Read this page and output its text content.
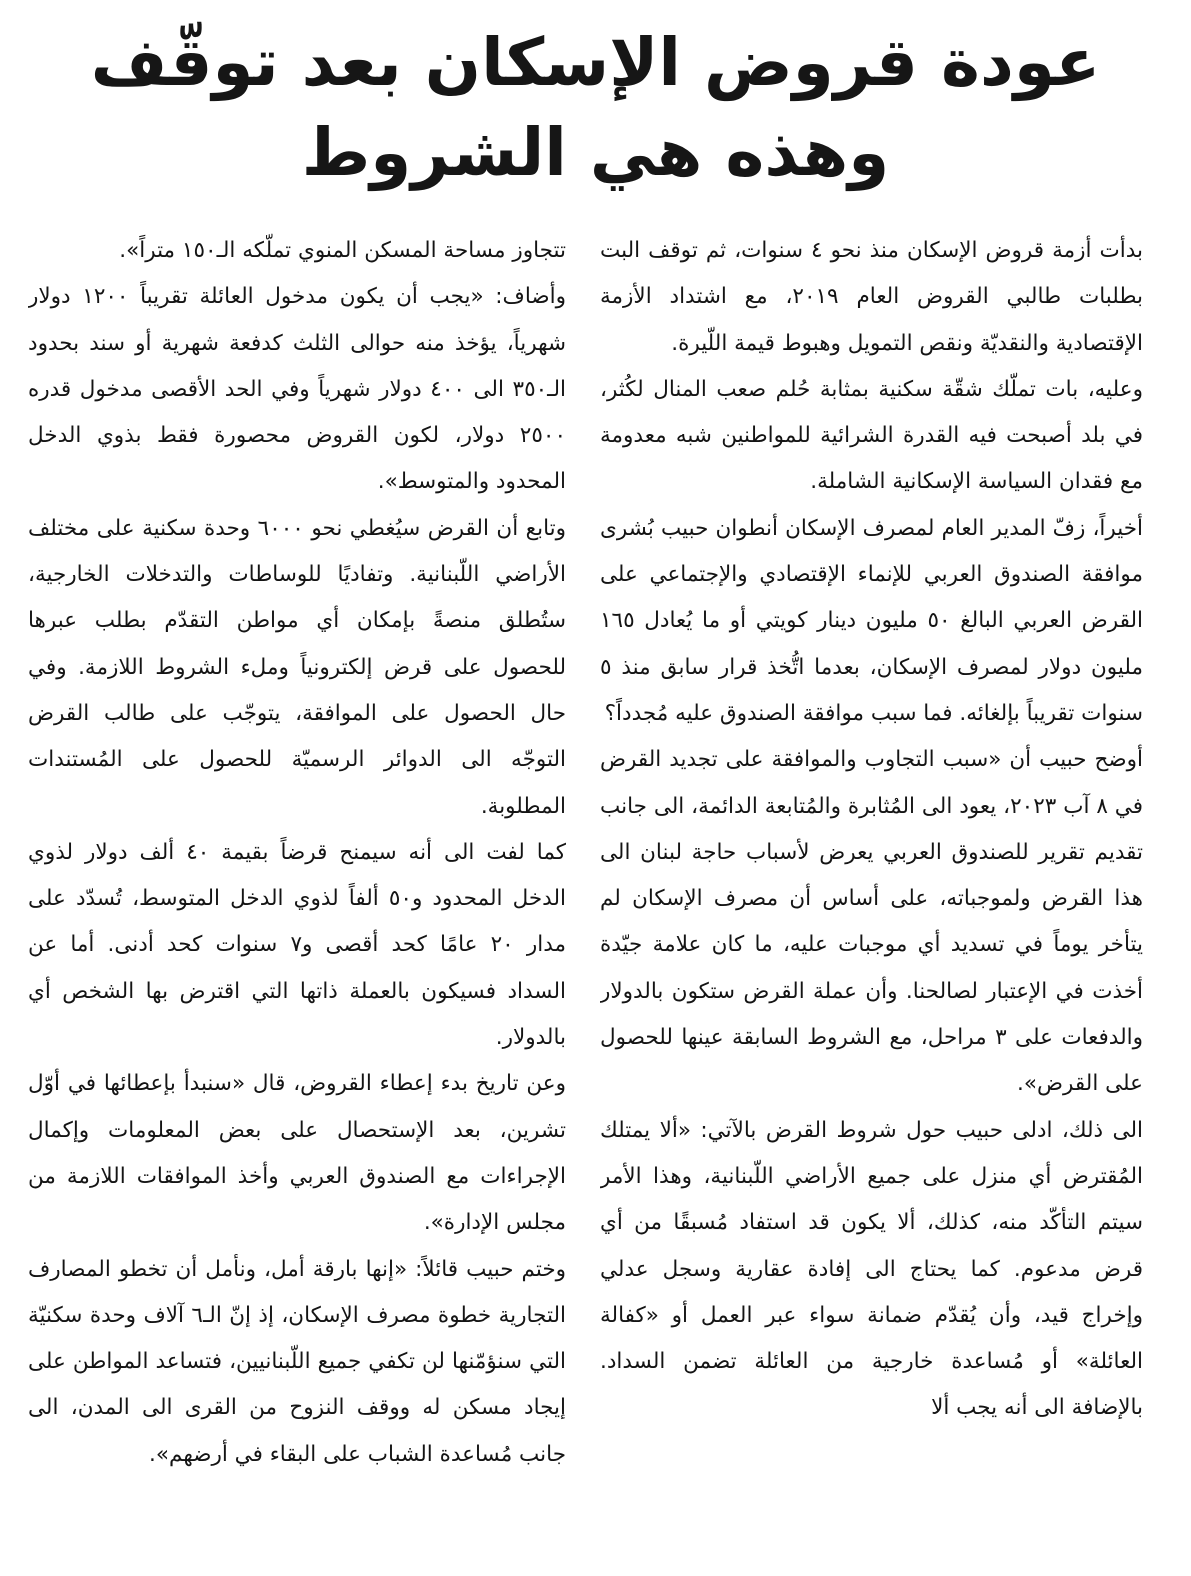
عودة قروض الإسكان بعد توقّف وهذه هي الشروط

بدأت أزمة قروض الإسكان منذ نحو ٤ سنوات، ثم توقف البت بطلبات طالبي القروض العام ٢٠١٩، مع اشتداد الأزمة الإقتصادية والنقديّة ونقص التمويل وهبوط قيمة اللّيرة.

وعليه، بات تملّك شقّة سكنية بمثابة حُلم صعب المنال لكُثر، في بلد أصبحت فيه القدرة الشرائية للمواطنين شبه معدومة مع فقدان السياسة الإسكانية الشاملة.

أخيراً، زفّ المدير العام لمصرف الإسكان أنطوان حبيب بُشرى موافقة الصندوق العربي للإنماء الإقتصادي والإجتماعي على القرض العربي البالغ ٥٠ مليون دينار كويتي أو ما يُعادل ١٦٥ مليون دولار لمصرف الإسكان، بعدما اتُّخذ قرار سابق منذ ٥ سنوات تقريباً بإلغائه. فما سبب موافقة الصندوق عليه مُجدداً؟

أوضح حبيب أن «سبب التجاوب والموافقة على تجديد القرض في ٨ آب ٢٠٢٣، يعود الى المُثابرة والمُتابعة الدائمة، الى جانب تقديم تقرير للصندوق العربي يعرض لأسباب حاجة لبنان الى هذا القرض ولموجباته، على أساس أن مصرف الإسكان لم يتأخر يوماً في تسديد أي موجبات عليه، ما كان علامة جيّدة أخذت في الإعتبار لصالحنا. وأن عملة القرض ستكون بالدولار والدفعات على ٣ مراحل، مع الشروط السابقة عينها للحصول على القرض».

الى ذلك، ادلى حبيب حول شروط القرض بالآتي: «ألا يمتلك المُقترض أي منزل على جميع الأراضي اللّبنانية، وهذا الأمر سيتم التأكّد منه، كذلك، ألا يكون قد استفاد مُسبقًا من أي قرض مدعوم. كما يحتاج الى إفادة عقارية وسجل عدلي وإخراج قيد، وأن يُقدّم ضمانة سواء عبر العمل أو «كفالة العائلة» أو مُساعدة خارجية من العائلة تضمن السداد. بالإضافة الى أنه يجب ألا

تتجاوز مساحة المسكن المنوي تملّكه الـ١٥٠ متراً».

وأضاف: «يجب أن يكون مدخول العائلة تقريباً ١٢٠٠ دولار شهرياً، يؤخذ منه حوالى الثلث كدفعة شهرية أو سند بحدود الـ٣٥٠ الى ٤٠٠ دولار شهرياً وفي الحد الأقصى مدخول قدره ٢٥٠٠ دولار، لكون القروض محصورة فقط بذوي الدخل المحدود والمتوسط».

وتابع أن القرض سيُغطي نحو ٦٠٠٠ وحدة سكنية على مختلف الأراضي اللّبنانية. وتفاديًا للوساطات والتدخلات الخارجية، ستُطلق منصةً بإمكان أي مواطن التقدّم بطلب عبرها للحصول على قرض إلكترونياً وملء الشروط اللازمة. وفي حال الحصول على الموافقة، يتوجّب على طالب القرض التوجّه الى الدوائر الرسميّة للحصول على المُستندات المطلوبة.

كما لفت الى أنه سيمنح قرضاً بقيمة ٤٠ ألف دولار لذوي الدخل المحدود و٥٠ ألفاً لذوي الدخل المتوسط، تُسدّد على مدار ٢٠ عامًا كحد أقصى و٧ سنوات كحد أدنى. أما عن السداد فسيكون بالعملة ذاتها التي اقترض بها الشخص أي بالدولار.

وعن تاريخ بدء إعطاء القروض، قال «سنبدأ بإعطائها في أوّل تشرين، بعد الإستحصال على بعض المعلومات وإكمال الإجراءات مع الصندوق العربي وأخذ الموافقات اللازمة من مجلس الإدارة».

وختم حبيب قائلاً: «إنها بارقة أمل، ونأمل أن تخطو المصارف التجارية خطوة مصرف الإسكان، إذ إنّ الـ٦ آلاف وحدة سكنيّة التي سنؤمّنها لن تكفي جميع اللّبنانيين، فتساعد المواطن على إيجاد مسكن له ووقف النزوح من القرى الى المدن، الى جانب مُساعدة الشباب على البقاء في أرضهم».
